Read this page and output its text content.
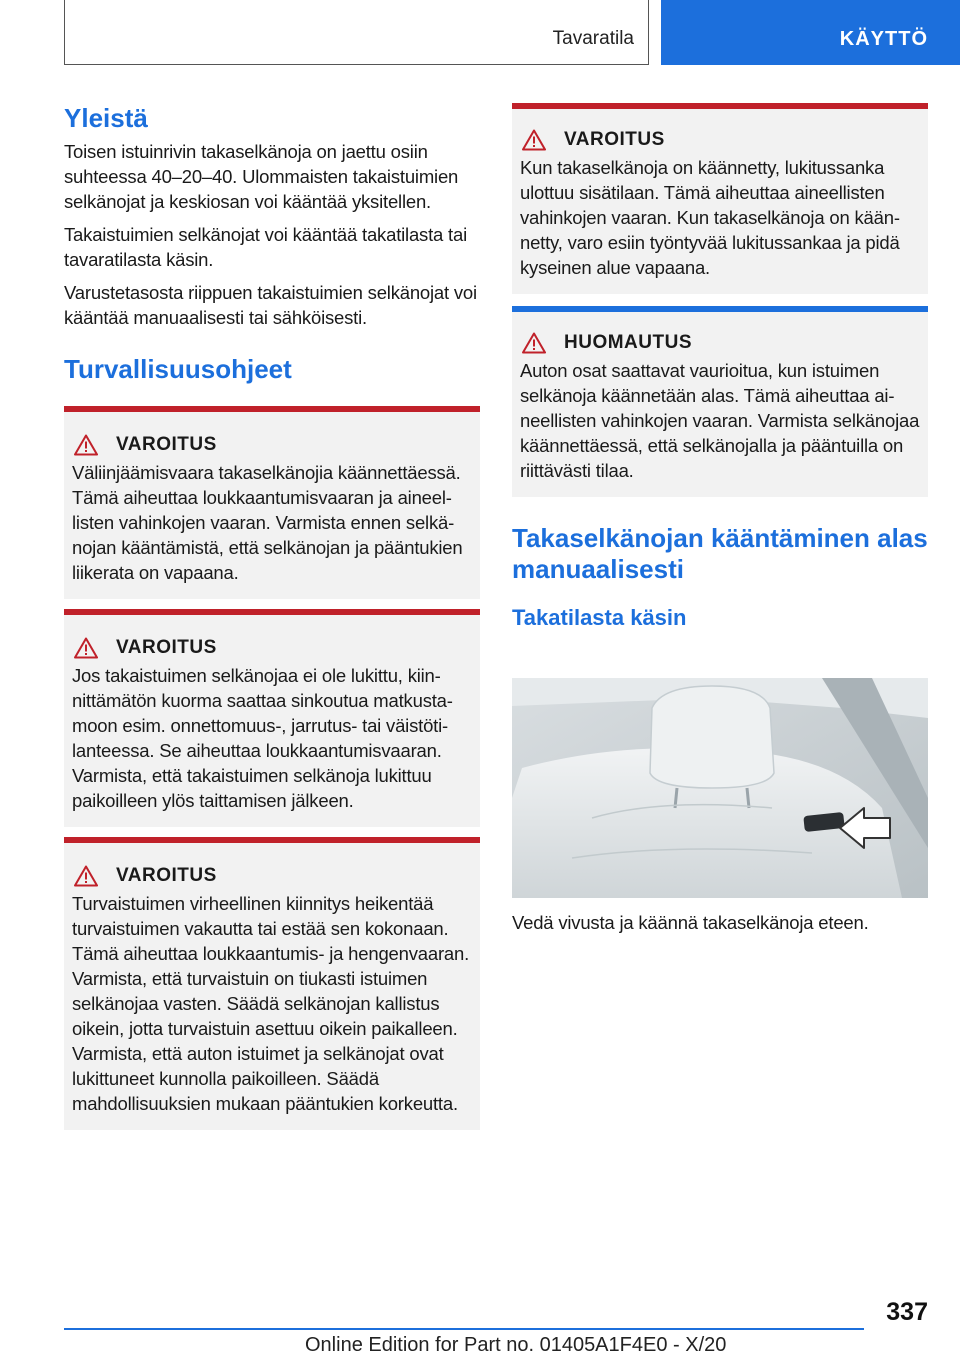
Tavaratila	KÄYTTÖ
Yleistä

Toisen istuinrivin takaselkänoja on jaettu osiin suhteessa 40–20–40. Ulommaisten takaistuimien selkänojat ja keskiosan voi kääntää yksitellen.

Takaistuimien selkänojat voi kääntää takatilasta tai tavaratilasta käsin.

Varustetasosta riippuen takaistuimien selkänojat voi kääntää manuaalisesti tai sähköisesti.

Turvallisuusohjeet
VAROITUS
Väliinjäämisvaara takaselkänojia käännettäessä. Tämä aiheuttaa loukkaantumisvaaran ja aineellisten vahinkojen vaaran. Varmista ennen selkänojan kääntämistä, että selkänojan ja pääntukien liikerata on vapaana.
VAROITUS
Jos takaistuimen selkänojaa ei ole lukittu, kiinnittämätön kuorma saattaa sinkoutua matkustamoon esim. onnettomuus-, jarrutus- tai väistötilanteessa. Se aiheuttaa loukkaantumisvaaran. Varmista, että takaistuimen selkänoja lukittuu paikoilleen ylös taittamisen jälkeen.
VAROITUS
Turvaistuimen virheellinen kiinnitys heikentää turvaistuimen vakautta tai estää sen kokonaan. Tämä aiheuttaa loukkaantumis- ja hengenvaaran. Varmista, että turvaistuin on tiukasti istuimen selkänojaa vasten. Säädä selkänojan kallistus oikein, jotta turvaistuin asettuu oikein paikalleen. Varmista, että auton istuimet ja selkänojat ovat lukittuneet kunnolla paikoilleen. Säädä mahdollisuuksien mukaan pääntukien korkeutta.
VAROITUS
Kun takaselkänoja on käännetty, lukitussanka ulottuu sisätilaan. Tämä aiheuttaa aineellisten vahinkojen vaaran. Kun takaselkänoja on käännetty, varo esiin työntyvää lukitussankaa ja pidä kyseinen alue vapaana.
HUOMAUTUS
Auton osat saattavat vaurioitua, kun istuimen selkänoja käännetään alas. Tämä aiheuttaa aineellisten vahinkojen vaaran. Varmista selkänojaa käännettäessä, että selkänojalla ja pääntuilla on riittävästi tilaa.
Takaselkänojan kääntäminen alas manuaalisesti
Takatilasta käsin

Vedä vivusta ja käännä takaselkänoja eteen.

337
Online Edition for Part no. 01405A1F4E0 - X/20
